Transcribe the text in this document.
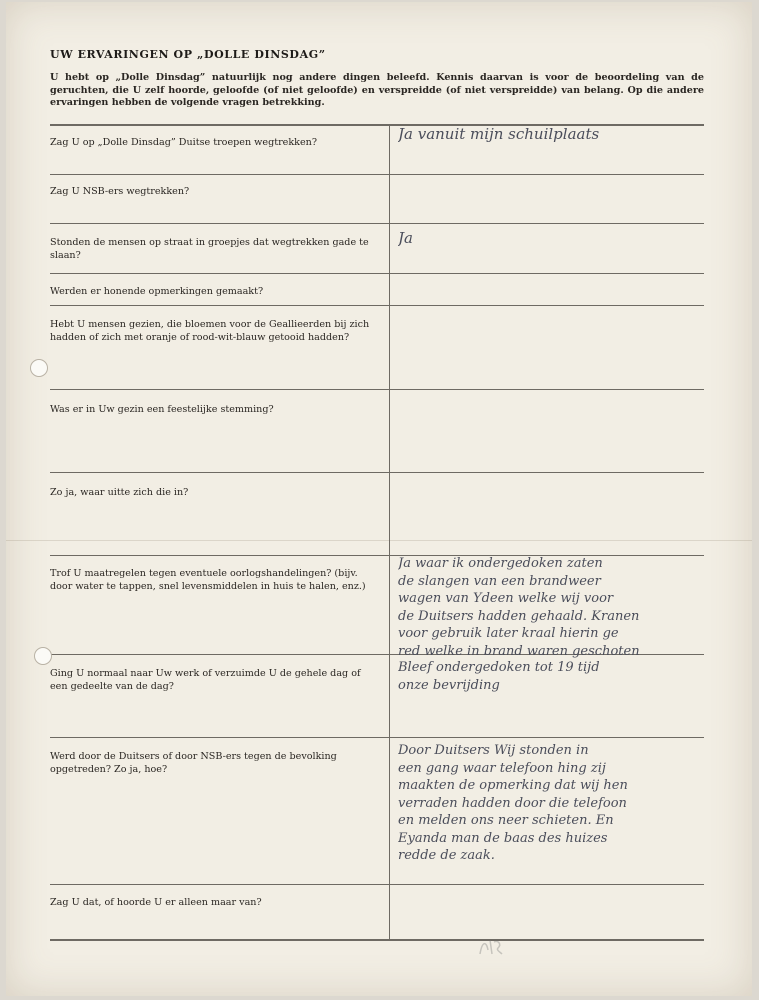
UW ERVARINGEN OP „DOLLE DINSDAG”
U hebt op „Dolle Dinsdag” natuurlijk nog andere dingen beleefd. Kennis daarvan is voor de beoordeling van de geruchten, die U zelf hoorde, geloofde (of niet geloofde) en verspreidde (of niet verspreidde) van belang. Op die andere ervaringen hebben de volgende vragen betrekking.
Zag U op „Dolle Dinsdag” Duitse troepen wegtrekken?
Zag U NSB-ers wegtrekken?
Stonden de mensen op straat in groepjes dat wegtrekken gade te slaan?
Werden er honende opmerkingen gemaakt?
Hebt U mensen gezien, die bloemen voor de Geallieerden bij zich hadden of zich met oranje of rood-wit-blauw getooid hadden?
Was er in Uw gezin een feestelijke stemming?
Zo ja, waar uitte zich die in?
Trof U maatregelen tegen eventuele oorlogshandelingen? (bijv. door water te tappen, snel levensmiddelen in huis te halen, enz.)
Ging U normaal naar Uw werk of verzuimde U de gehele dag of een gedeelte van de dag?
Werd door de Duitsers of door NSB-ers tegen de bevolking opgetreden? Zo ja, hoe?
Zag U dat, of hoorde U er alleen maar van?
Ja vanuit mijn schuilplaats
Ja
Ja waar ik ondergedoken zaten
de slangen van een brandweer
wagen van Ydeen welke wij voor
de Duitsers hadden gehaald. Kranen
voor gebruik later kraal hierin ge
red welke in brand waren geschoten
Bleef ondergedoken tot 19 tijd
onze bevrijding
Door Duitsers Wij stonden in
een gang waar telefoon hing zij
maakten de opmerking dat wij hen
verraden hadden door die telefoon
en melden ons neer schieten. En
Eyanda man de baas des huizes
redde de zaak.
